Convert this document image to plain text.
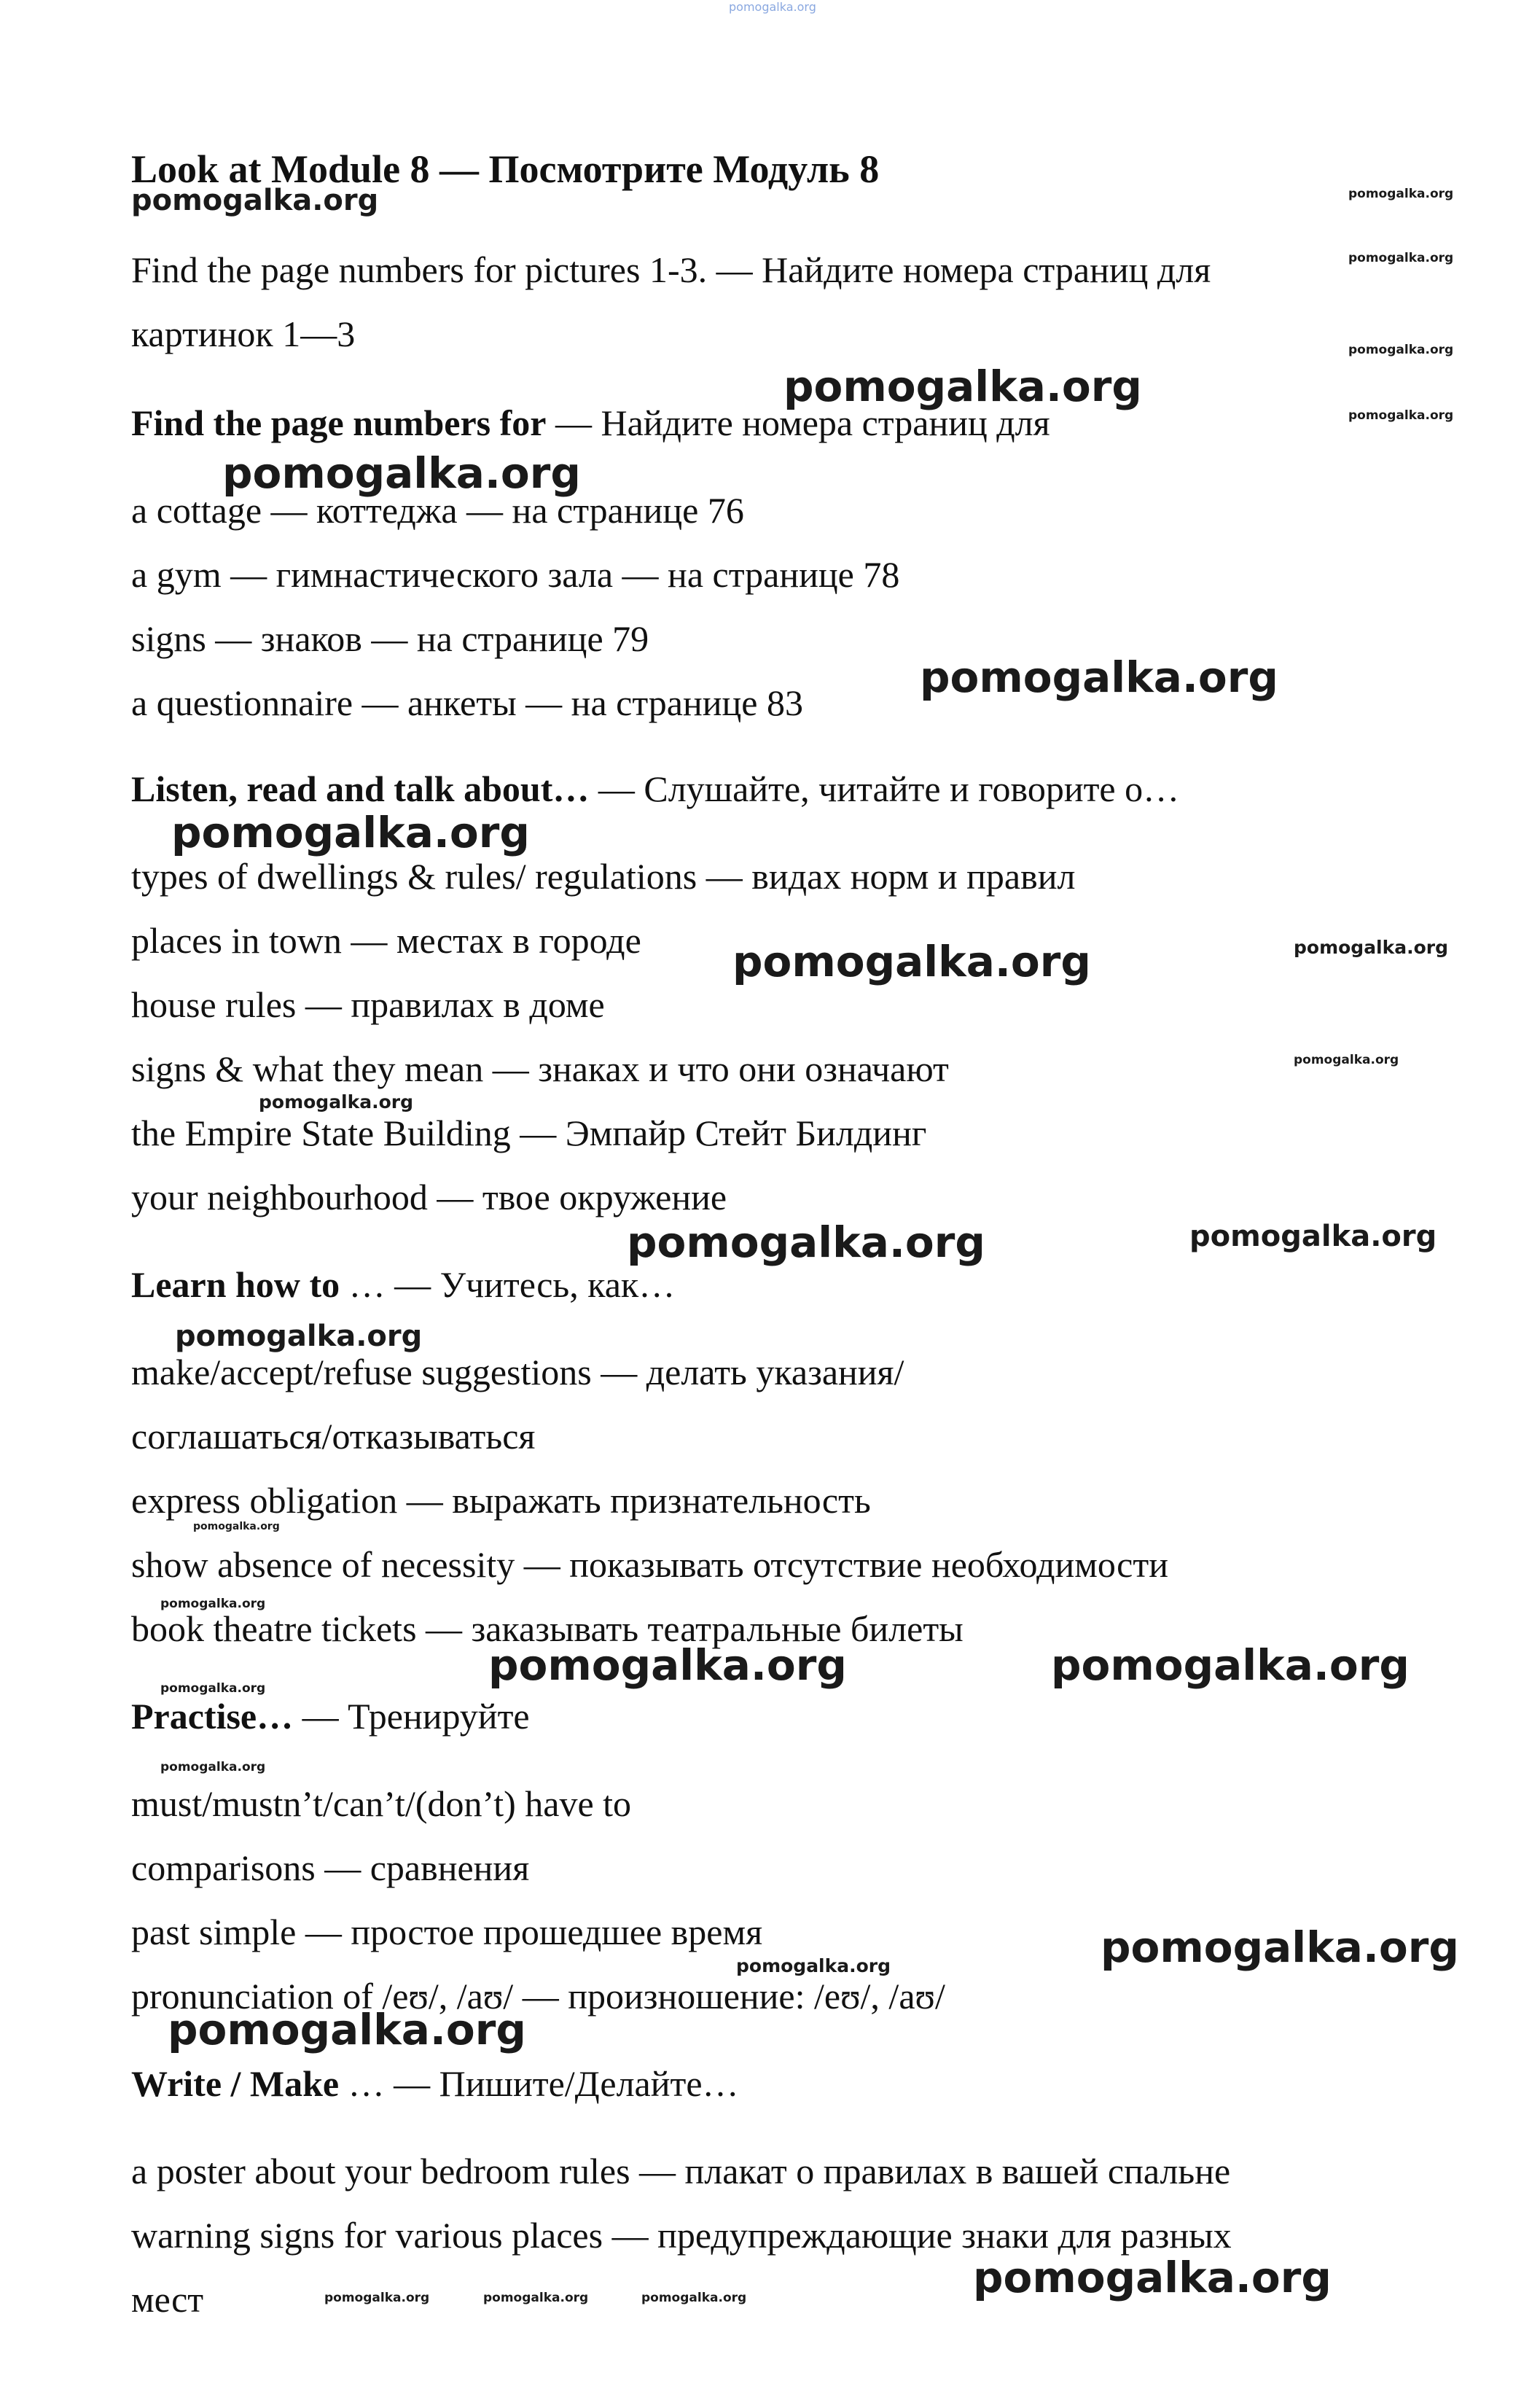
pomogalka.org
Look at Module 8 — Посмотрите Модуль 8
pomogalka.org	pomogalka.org
Find the page numbers for pictures 1-3. — Найдите номера страниц для	pomogalka.org
картинок 1—3	pomogalka.org
pomogalka.org
Find the page numbers for — Найдите номера страниц для	pomogalka.org
pomogalka.org
a cottage — коттеджа — на странице 76
a gym — гимнастического зала — на странице 78
signs — знаков — на странице 79
a questionnaire — анкеты — на странице 83
pomogalka.org
Listen, read and talk about… — Слушайте, читайте и говорите о…
pomogalka.org
types of dwellings & rules/ regulations — видах норм и правил
places in town — местах в городе pomogalka.org	pomogalka.org
house rules — правилах в доме
signs & what they mean — знаках и что они означают	pomogalka.org
pomogalka.org
the Empire State Building — Эмпайр Стейт Билдинг
your neighbourhood — твое окружение
pomogalka.org	pomogalka.org
Learn how to … — Учитесь, как…
pomogalka.org
make/accept/refuse suggestions — делать указания/
соглашаться/отказываться
express obligation — выражать признательность
pomogalka.org
show absence of necessity — показывать отсутствие необходимости
pomogalka.org
book theatre tickets — заказывать театральные билеты
pomogalka.org	pomogalka.org
pomogalka.org
Practise… — Тренируйте
pomogalka.org
must/mustn’t/can’t/(don’t) have to
comparisons — сравнения
past simple — простое прошедшее время	pomogalka.org
pomogalka.org
pronunciation of /eʊ/, /aʊ/ — произношение: /eʊ/, /aʊ/
pomogalka.org
Write / Make … — Пишите/Делайте…
a poster about your bedroom rules — плакат о правилах в вашей спальне
warning signs for various places — предупреждающие знаки для разных
pomogalka.org
мест	pomogalka.org	pomogalka.org	pomogalka.org
